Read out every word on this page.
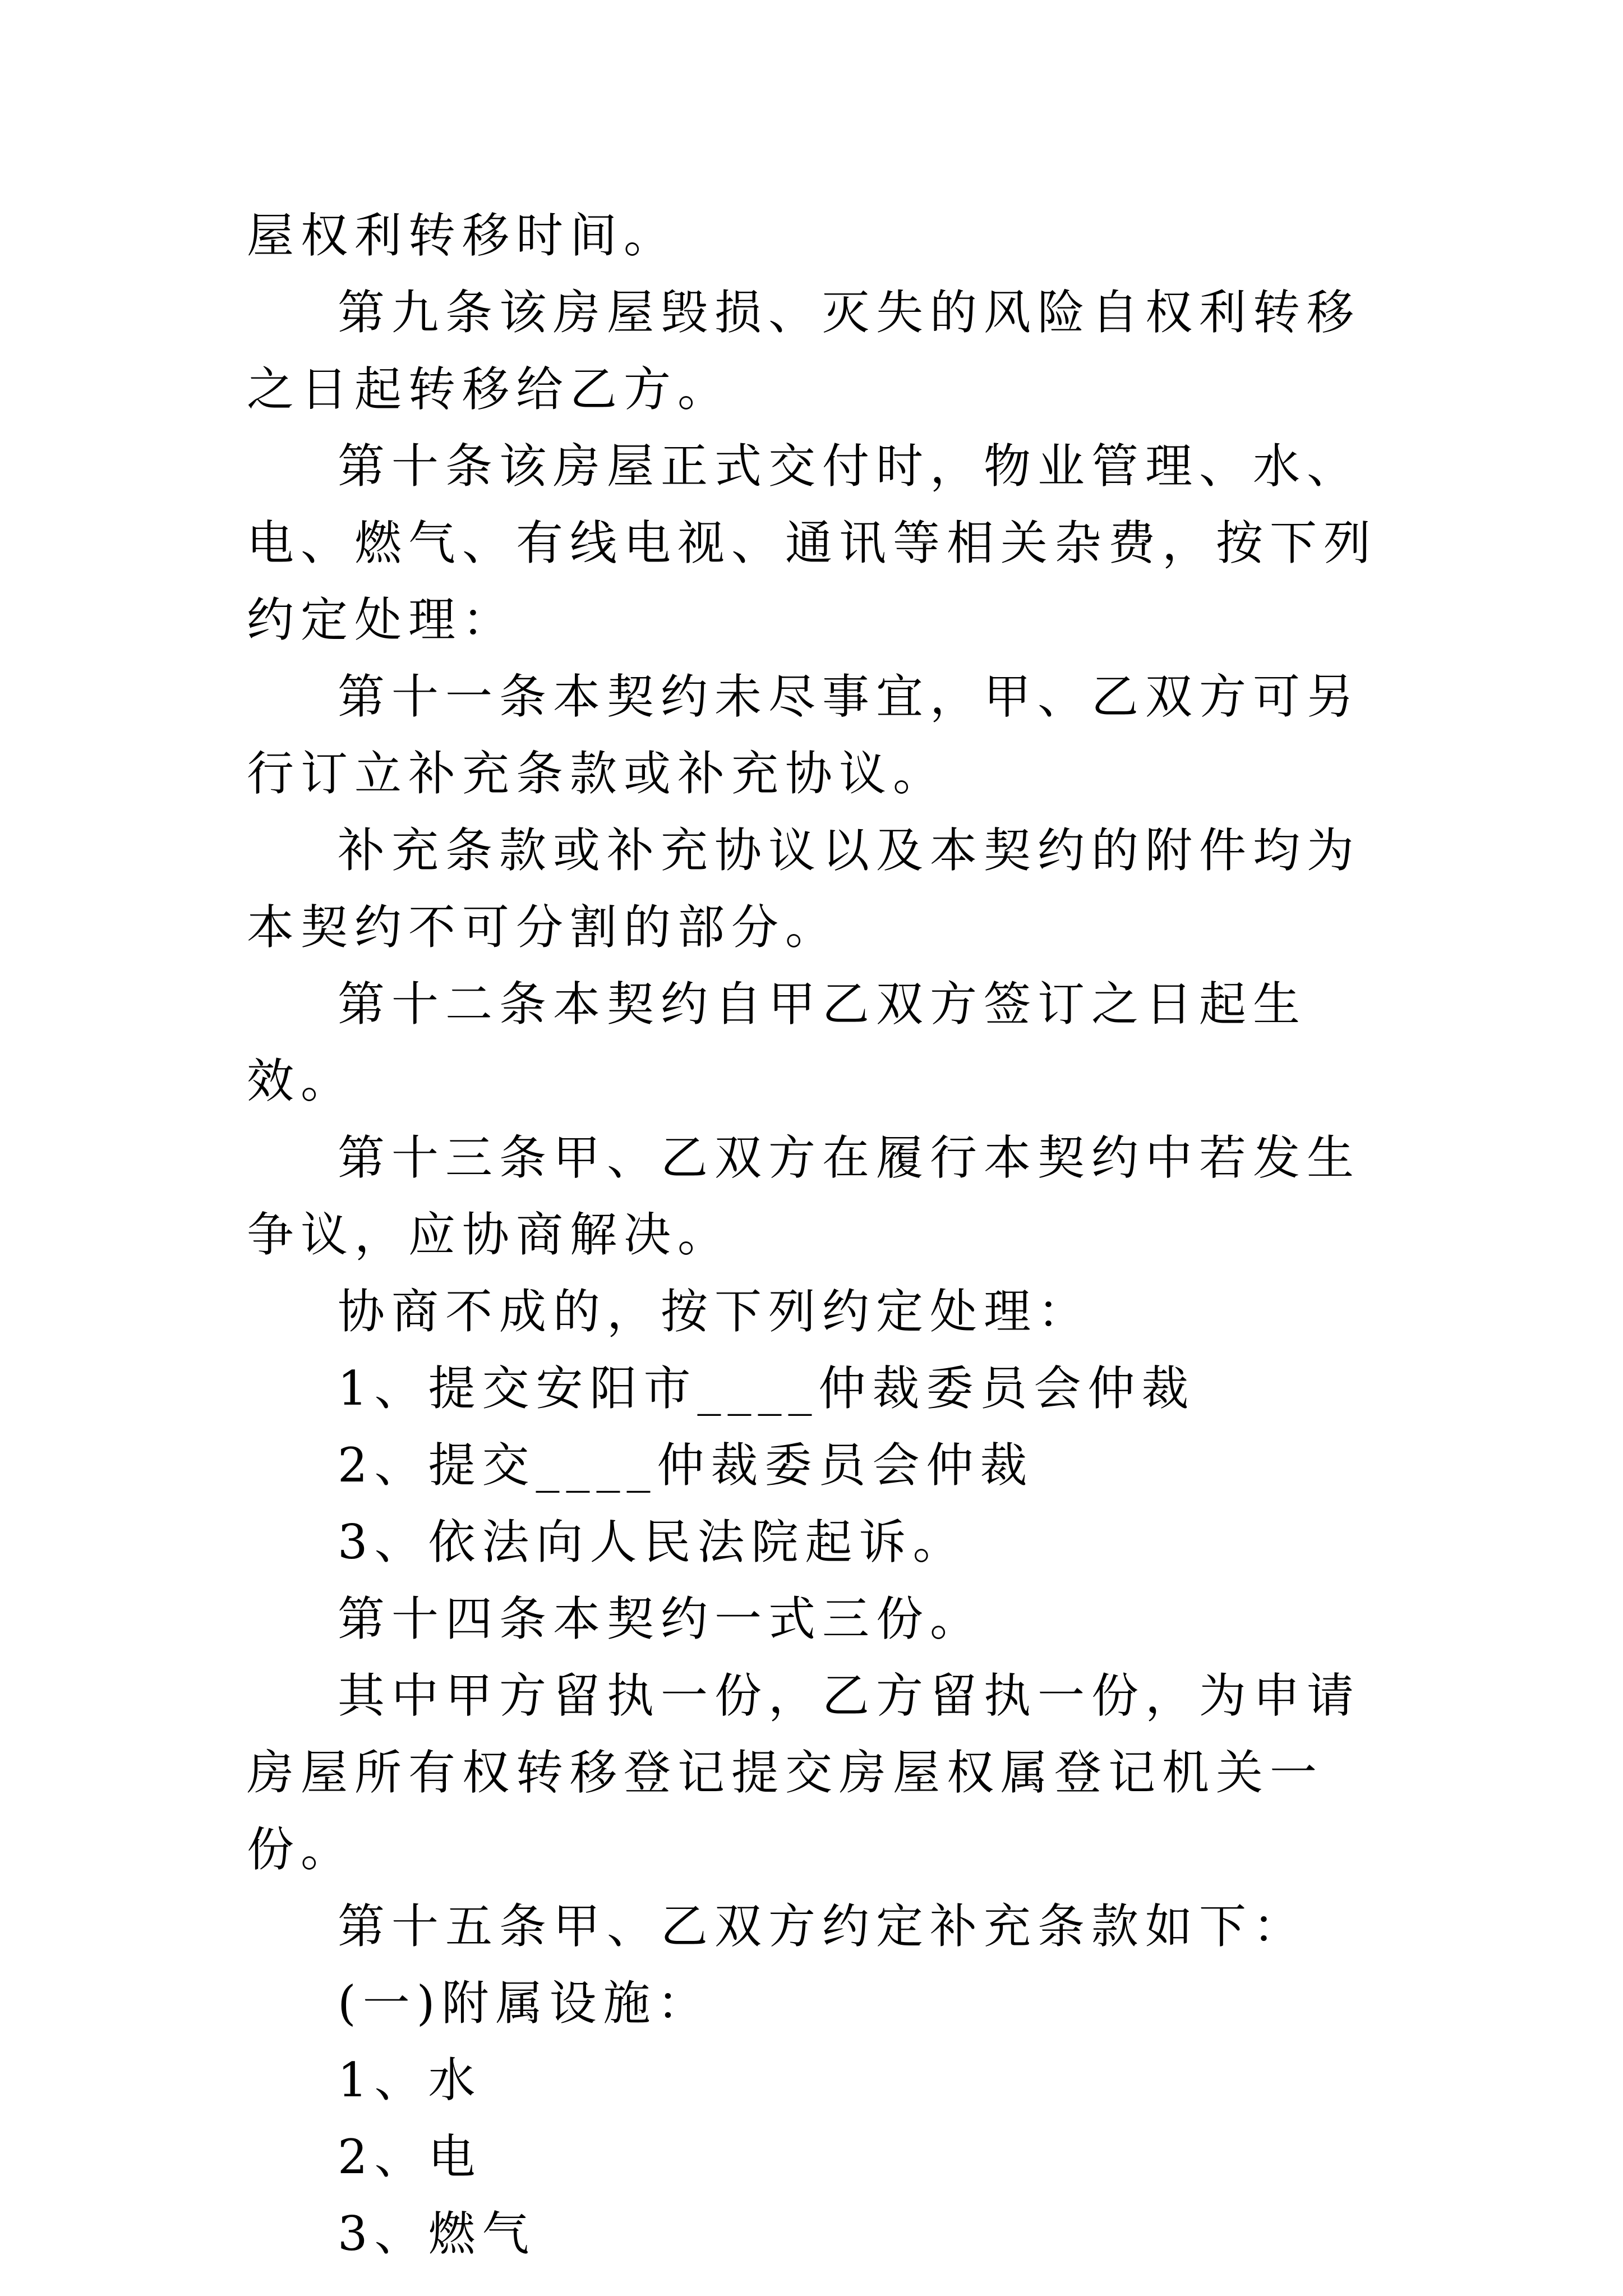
屋权利转移时间。

第九条该房屋毁损、灭失的风险自权利转移之日起转移给乙方。

第十条该房屋正式交付时，物业管理、水、电、燃气、有线电视、通讯等相关杂费，按下列约定处理：

第十一条本契约未尽事宜，甲、乙双方可另行订立补充条款或补充协议。

补充条款或补充协议以及本契约的附件均为本契约不可分割的部分。

第十二条本契约自甲乙双方签订之日起生效。

第十三条甲、乙双方在履行本契约中若发生争议，应协商解决。

协商不成的，按下列约定处理：

1、提交安阳市____仲裁委员会仲裁

2、提交____仲裁委员会仲裁

3、依法向人民法院起诉。

第十四条本契约一式三份。

其中甲方留执一份，乙方留执一份，为申请房屋所有权转移登记提交房屋权属登记机关一份。

第十五条甲、乙双方约定补充条款如下：

(一)附属设施：

1、水

2、电

3、燃气
